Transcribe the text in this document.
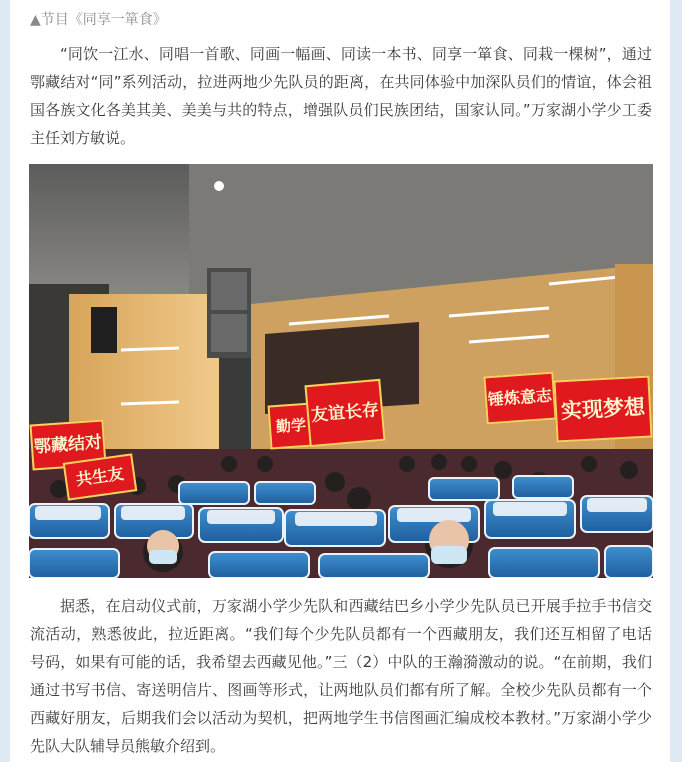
▲节目《同享一箪食》

“同饮一江水、同唱一首歌、同画一幅画、同读一本书、同享一箪食、同栽一棵树”，通过鄂藏结对“同”系列活动，拉进两地少先队员的距离，在共同体验中加深队员们的情谊，体会祖国各族文化各美其美、美美与共的特点，增强队员们民族团结，国家认同。”万家湖小学少工委主任刘方敏说。

鄂藏结对
共生友
勤学
友谊长存
锤炼意志 实现梦想

据悉，在启动仪式前，万家湖小学少先队和西藏结巴乡小学少先队员已开展手拉手书信交流活动，熟悉彼此，拉近距离。“我们每个少先队员都有一个西藏朋友，我们还互相留了电话号码，如果有可能的话，我希望去西藏见他。”三（2）中队的王瀚漪激动的说。“在前期，我们通过书写书信、寄送明信片、图画等形式，让两地队员们都有所了解。全校少先队员都有一个西藏好朋友，后期我们会以活动为契机，把两地学生书信图画汇编成校本教材。”万家湖小学少先队大队辅导员熊敏介绍到。
